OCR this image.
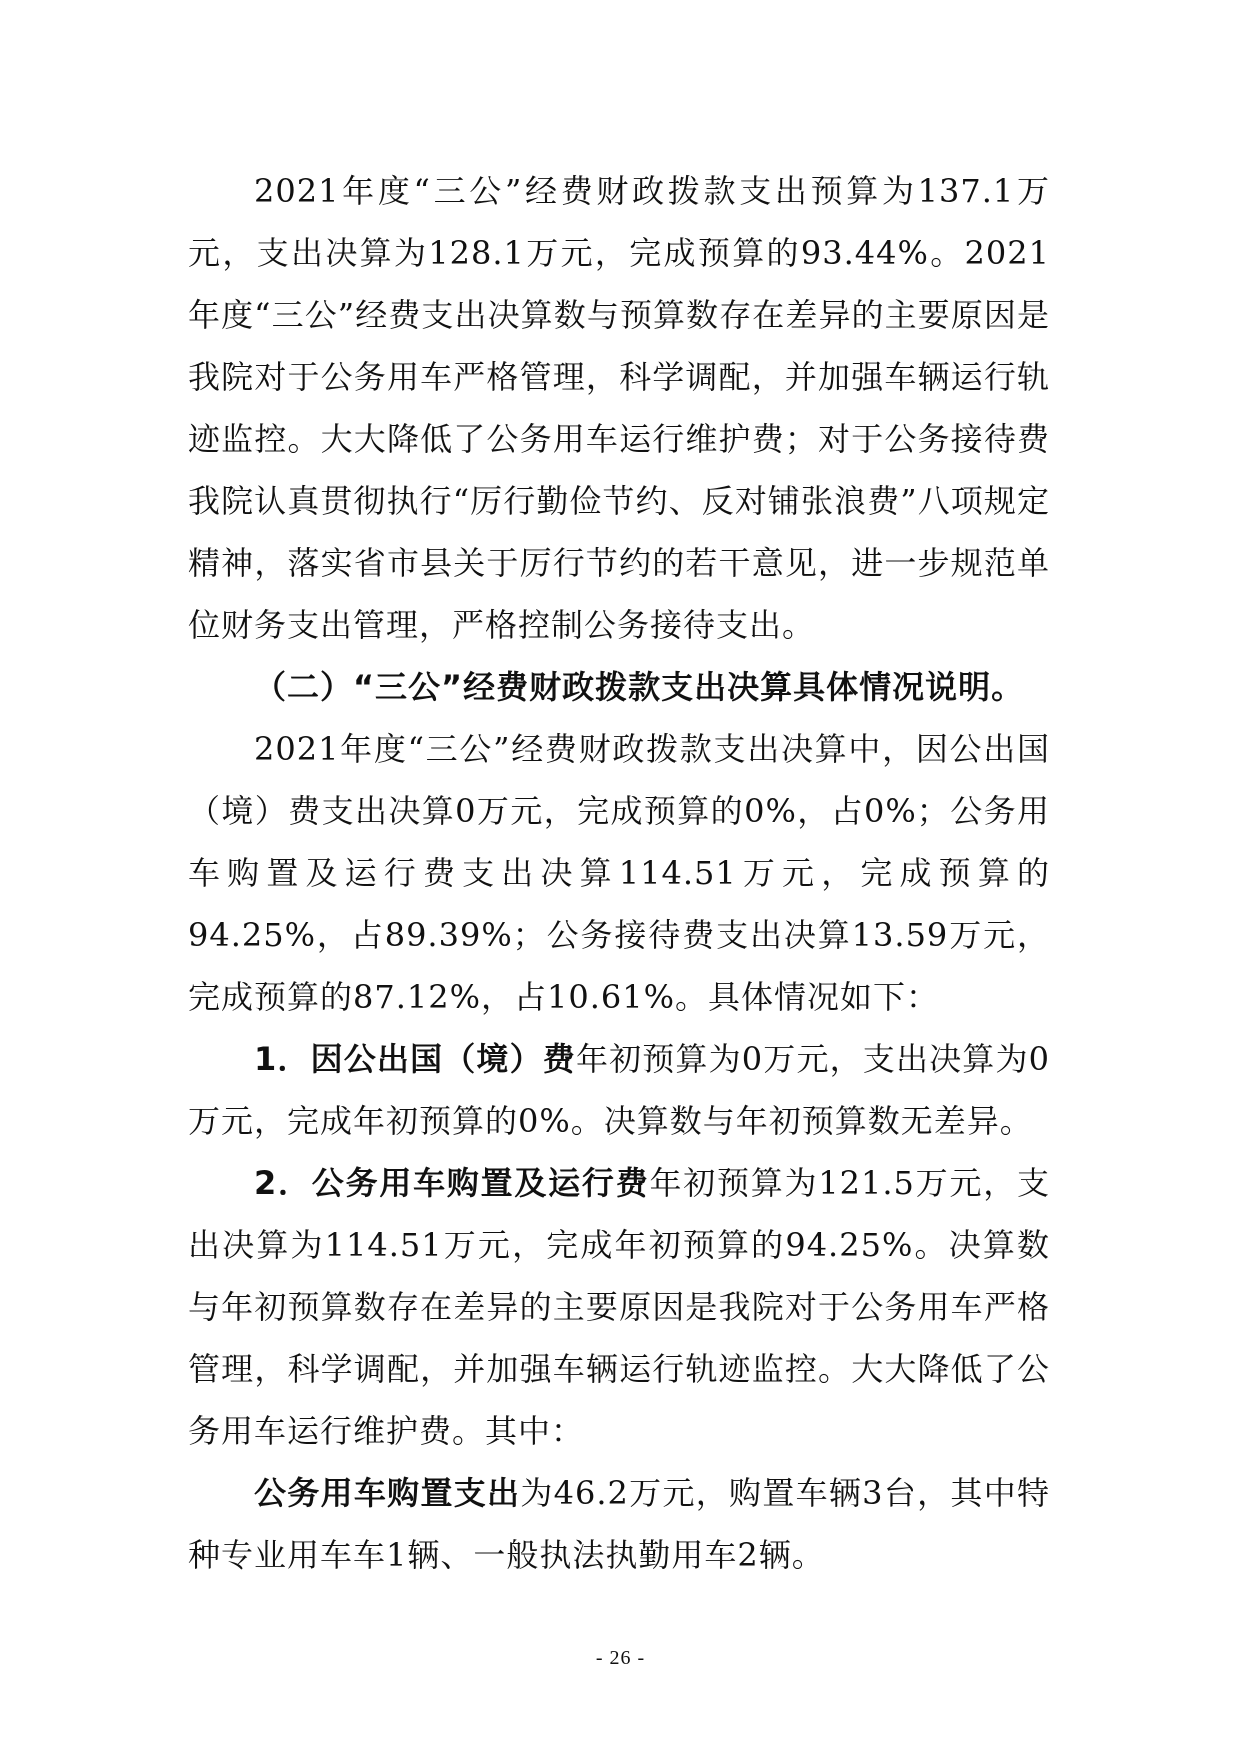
2021年度“三公”经费财政拨款支出预算为137.1万元，支出决算为128.1万元，完成预算的93.44%。2021年度“三公”经费支出决算数与预算数存在差异的主要原因是我院对于公务用车严格管理，科学调配，并加强车辆运行轨迹监控。大大降低了公务用车运行维护费；对于公务接待费我院认真贯彻执行“厉行勤俭节约、反对铺张浪费”八项规定精神，落实省市县关于厉行节约的若干意见，进一步规范单位财务支出管理，严格控制公务接待支出。

（二）“三公”经费财政拨款支出决算具体情况说明。

2021年度“三公”经费财政拨款支出决算中，因公出国（境）费支出决算0万元，完成预算的0%，占0%；公务用车购置及运行费支出决算114.51万元，完成预算的94.25%，占89.39%；公务接待费支出决算13.59万元，完成预算的87.12%，占10.61%。具体情况如下：

1．因公出国（境）费年初预算为0万元，支出决算为0万元，完成年初预算的0%。决算数与年初预算数无差异。

2．公务用车购置及运行费年初预算为121.5万元，支出决算为114.51万元，完成年初预算的94.25%。决算数与年初预算数存在差异的主要原因是我院对于公务用车严格管理，科学调配，并加强车辆运行轨迹监控。大大降低了公务用车运行维护费。其中：

公务用车购置支出为46.2万元，购置车辆3台，其中特种专业用车车1辆、一般执法执勤用车2辆。

- 26 -
